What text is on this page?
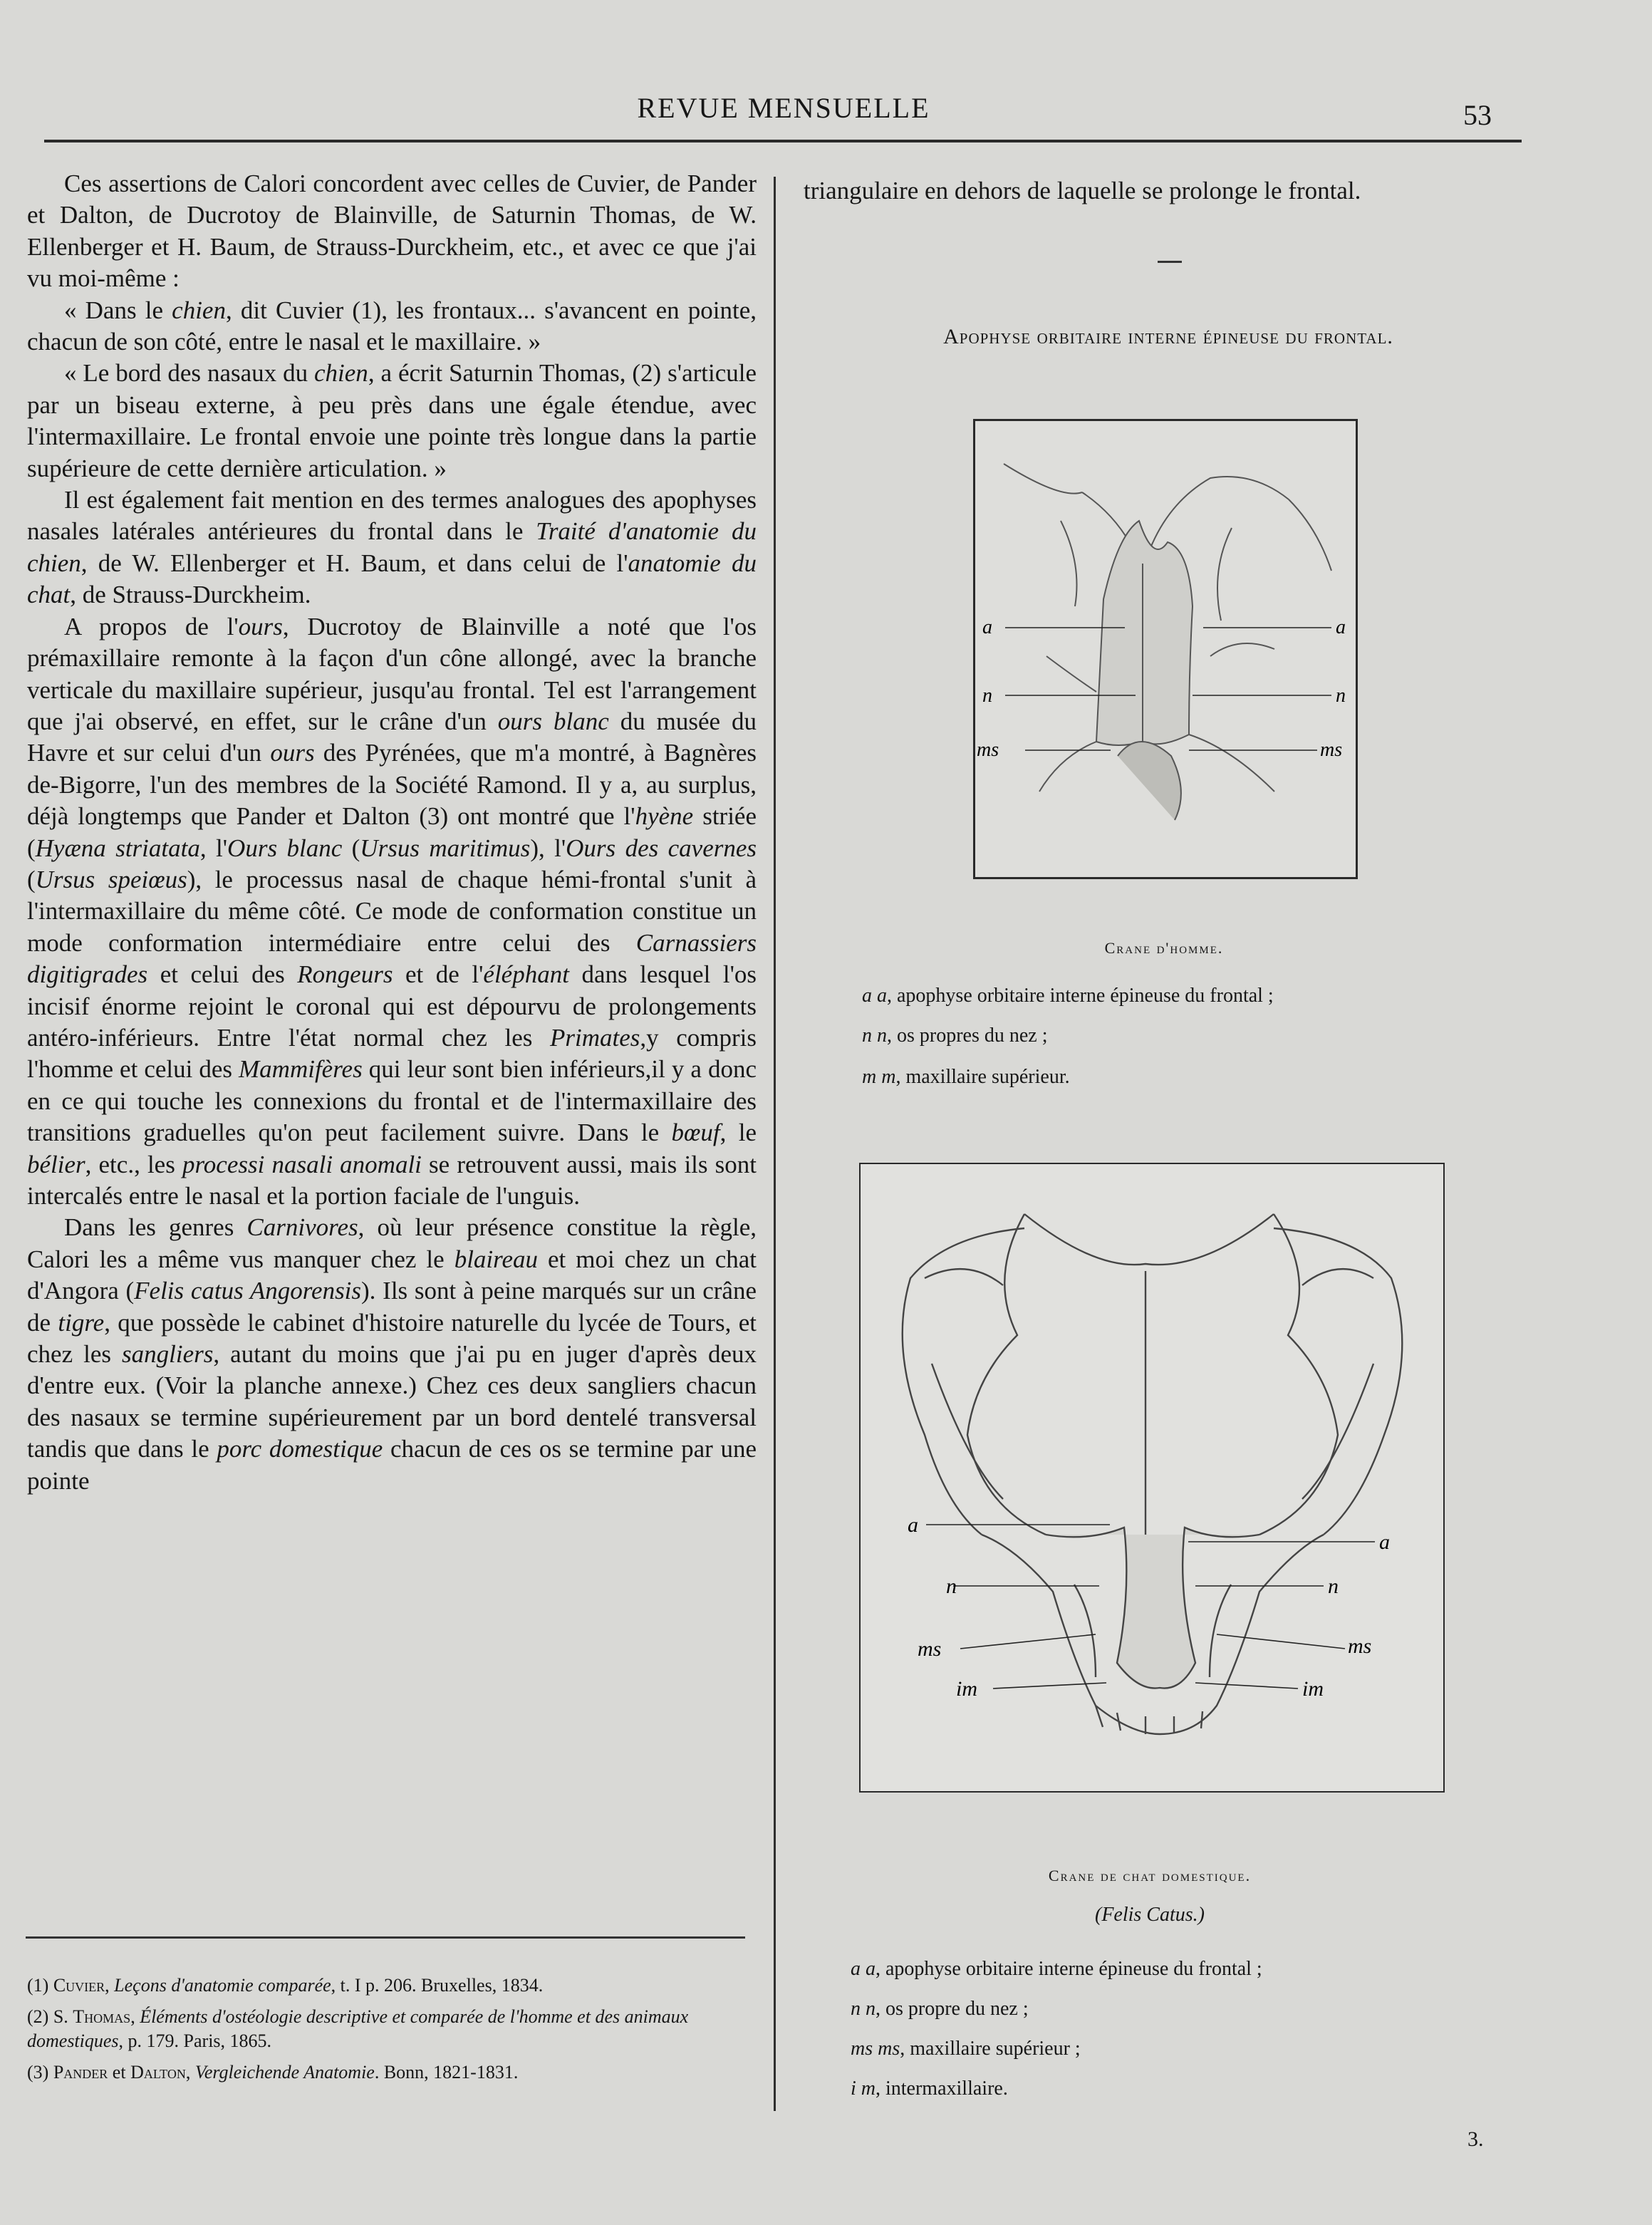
REVUE MENSUELLE	53

Ces assertions de Calori concordent avec celles de Cuvier, de Pander et Dalton, de Ducrotoy de Blainville, de Saturnin Thomas, de W. Ellenberger et H. Baum, de Strauss-Durckheim, etc., et avec ce que j'ai vu moi-même :

« Dans le chien, dit Cuvier (1), les frontaux... s'avancent en pointe, chacun de son côté, entre le nasal et le maxillaire. »

« Le bord des nasaux du chien, a écrit Saturnin Thomas, (2) s'articule par un biseau externe, à peu près dans une égale étendue, avec l'intermaxillaire. Le frontal envoie une pointe très longue dans la partie supérieure de cette dernière articulation. »

Il est également fait mention en des termes analogues des apophyses nasales latérales antérieures du frontal dans le Traité d'anatomie du chien, de W. Ellenberger et H. Baum, et dans celui de l'anatomie du chat, de Strauss-Durckheim.

A propos de l'ours, Ducrotoy de Blainville a noté que l'os prémaxillaire remonte à la façon d'un cône allongé, avec la branche verticale du maxillaire supérieur, jusqu'au frontal. Tel est l'arrangement que j'ai observé, en effet, sur le crâne d'un ours blanc du musée du Havre et sur celui d'un ours des Pyrénées, que m'a montré, à Bagnères de-Bigorre, l'un des membres de la Société Ramond. Il y a, au surplus, déjà longtemps que Pander et Dalton (3) ont montré que l'hyène striée (Hyæna striatata, l'Ours blanc (Ursus maritimus), l'Ours des cavernes (Ursus speiœus), le processus nasal de chaque hémi-frontal s'unit à l'intermaxillaire du même côté. Ce mode de conformation constitue un mode conformation intermédiaire entre celui des Carnassiers digitigrades et celui des Rongeurs et de l'éléphant dans lesquel l'os incisif énorme rejoint le coronal qui est dépourvu de prolongements antéro-inférieurs. Entre l'état normal chez les Primates,y compris l'homme et celui des Mammifères qui leur sont bien inférieurs,il y a donc en ce qui touche les connexions du frontal et de l'intermaxillaire des transitions graduelles qu'on peut facilement suivre. Dans le bœuf, le bélier, etc., les processi nasali anomali se retrouvent aussi, mais ils sont intercalés entre le nasal et la portion faciale de l'unguis.

Dans les genres Carnivores, où leur présence constitue la règle, Calori les a même vus manquer chez le blaireau et moi chez un chat d'Angora (Felis catus Angorensis). Ils sont à peine marqués sur un crâne de tigre, que possède le cabinet d'histoire naturelle du lycée de Tours, et chez les sangliers, autant du moins que j'ai pu en juger d'après deux d'entre eux. (Voir la planche annexe.) Chez ces deux sangliers chacun des nasaux se termine supérieurement par un bord dentelé transversal tandis que dans le porc domestique chacun de ces os se termine par une pointe

(1) Cuvier, Leçons d'anatomie comparée, t. I p. 206. Bruxelles, 1834.

(2) S. Thomas, Éléments d'ostéologie descriptive et comparée de l'homme et des animaux domestiques, p. 179. Paris, 1865.

(3) Pander et Dalton, Vergleichende Anatomie. Bonn, 1821-1831.

triangulaire en dehors de laquelle se prolonge le frontal.

Apophyse orbitaire interne épineuse du frontal.
a	a
n	n
ms	ms
Crane d'homme.
a a, apophyse orbitaire interne épineuse du frontal ;
n n, os propres du nez ;
m m, maxillaire supérieur.
a
a
n	n
ms	ms
im	im
Crane de chat domestique.
(Felis Catus.)
a a, apophyse orbitaire interne épineuse du frontal ;
n n, os propre du nez ;
ms ms, maxillaire supérieur ;
i m, intermaxillaire.
3.
